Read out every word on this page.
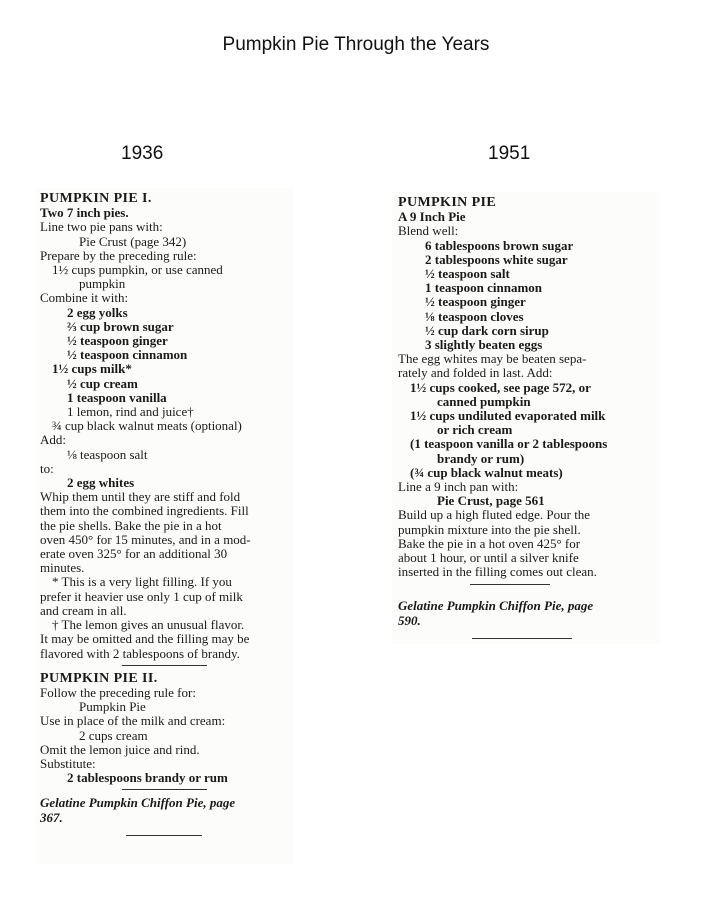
Pumpkin Pie Through the Years
1936	1951
PUMPKIN PIE I.
Two 7 inch pies.
Line two pie pans with:
Pie Crust (page 342)
Prepare by the preceding rule:
1½ cups pumpkin, or use canned
pumpkin
Combine it with:
2 egg yolks
⅔ cup brown sugar
½ teaspoon ginger
½ teaspoon cinnamon
1½ cups milk*
½ cup cream
1 teaspoon vanilla
1 lemon, rind and juice†
¾ cup black walnut meats (optional)
Add:
⅛ teaspoon salt
to:
2 egg whites
Whip them until they are stiff and fold
them into the combined ingredients. Fill
the pie shells. Bake the pie in a hot
oven 450° for 15 minutes, and in a mod-
erate oven 325° for an additional 30
minutes.
* This is a very light filling. If you
prefer it heavier use only 1 cup of milk
and cream in all.
† The lemon gives an unusual flavor.
It may be omitted and the filling may be
flavored with 2 tablespoons of brandy.
PUMPKIN PIE II.
Follow the preceding rule for:
Pumpkin Pie
Use in place of the milk and cream:
2 cups cream
Omit the lemon juice and rind.
Substitute:
2 tablespoons brandy or rum
Gelatine Pumpkin Chiffon Pie, page
367.
PUMPKIN PIE
A 9 Inch Pie
Blend well:
6 tablespoons brown sugar
2 tablespoons white sugar
½ teaspoon salt
1 teaspoon cinnamon
½ teaspoon ginger
⅛ teaspoon cloves
½ cup dark corn sirup
3 slightly beaten eggs
The egg whites may be beaten sepa-
rately and folded in last. Add:
1½ cups cooked, see page 572, or
canned pumpkin
1½ cups undiluted evaporated milk
or rich cream
(1 teaspoon vanilla or 2 tablespoons
brandy or rum)
(¾ cup black walnut meats)
Line a 9 inch pan with:
Pie Crust, page 561
Build up a high fluted edge. Pour the
pumpkin mixture into the pie shell.
Bake the pie in a hot oven 425° for
about 1 hour, or until a silver knife
inserted in the filling comes out clean.
Gelatine Pumpkin Chiffon Pie, page
590.
